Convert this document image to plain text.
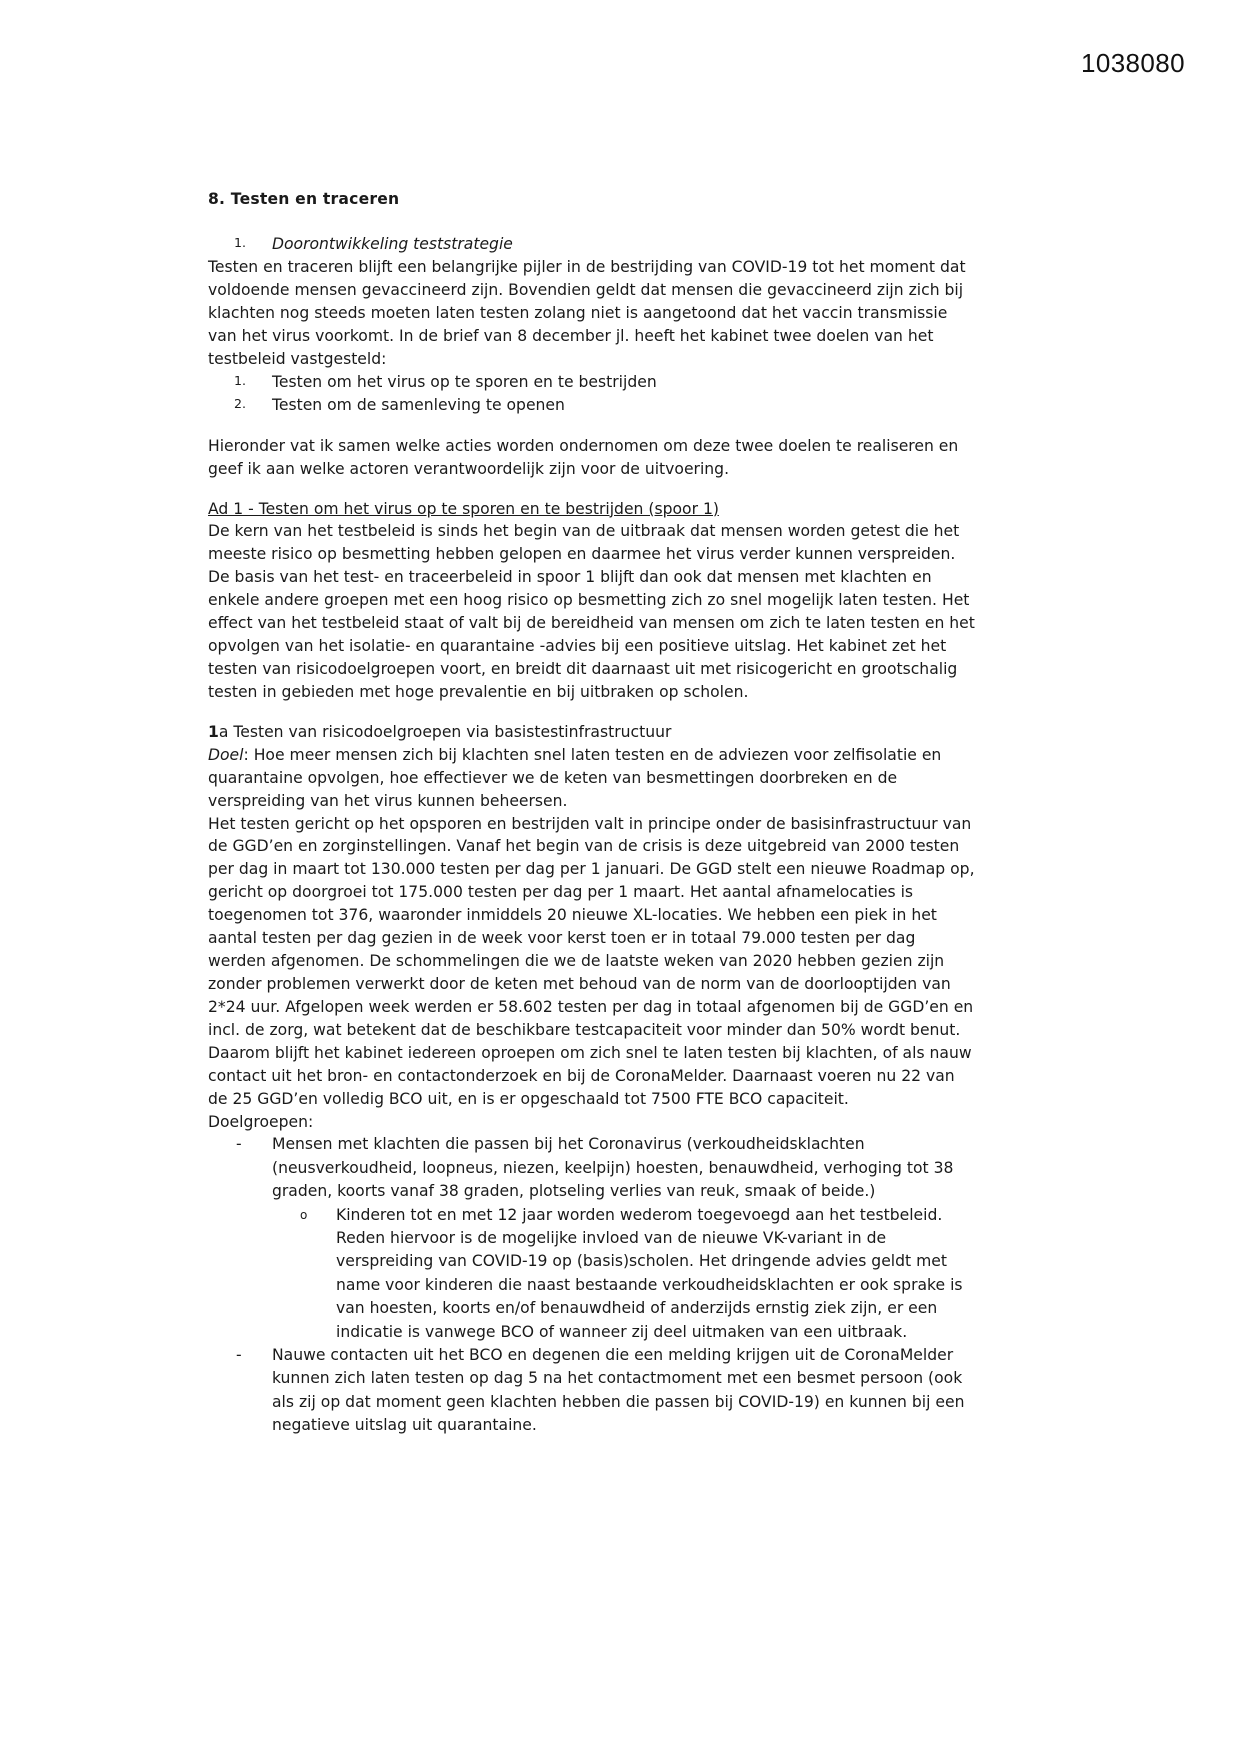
1038080
8. Testen en traceren
1. Doorontwikkeling teststrategie

Testen en traceren blijft een belangrijke pijler in de bestrijding van COVID-19 tot het moment dat voldoende mensen gevaccineerd zijn. Bovendien geldt dat mensen die gevaccineerd zijn zich bij klachten nog steeds moeten laten testen zolang niet is aangetoond dat het vaccin transmissie van het virus voorkomt. In de brief van 8 december jl. heeft het kabinet twee doelen van het testbeleid vastgesteld:

1. Testen om het virus op te sporen en te bestrijden
2. Testen om de samenleving te openen

Hieronder vat ik samen welke acties worden ondernomen om deze twee doelen te realiseren en geef ik aan welke actoren verantwoordelijk zijn voor de uitvoering.

Ad 1 - Testen om het virus op te sporen en te bestrijden (spoor 1)

De kern van het testbeleid is sinds het begin van de uitbraak dat mensen worden getest die het meeste risico op besmetting hebben gelopen en daarmee het virus verder kunnen verspreiden. De basis van het test- en traceerbeleid in spoor 1 blijft dan ook dat mensen met klachten en enkele andere groepen met een hoog risico op besmetting zich zo snel mogelijk laten testen. Het effect van het testbeleid staat of valt bij de bereidheid van mensen om zich te laten testen en het opvolgen van het isolatie- en quarantaine -advies bij een positieve uitslag. Het kabinet zet het testen van risicodoelgroepen voort, en breidt dit daarnaast uit met risicogericht en grootschalig testen in gebieden met hoge prevalentie en bij uitbraken op scholen.

1a Testen van risicodoelgroepen via basistestinfrastructuur

Doel: Hoe meer mensen zich bij klachten snel laten testen en de adviezen voor zelfisolatie en quarantaine opvolgen, hoe effectiever we de keten van besmettingen doorbreken en de verspreiding van het virus kunnen beheersen.

Het testen gericht op het opsporen en bestrijden valt in principe onder de basisinfrastructuur van de GGD’en en zorginstellingen. Vanaf het begin van de crisis is deze uitgebreid van 2000 testen per dag in maart tot 130.000 testen per dag per 1 januari. De GGD stelt een nieuwe Roadmap op, gericht op doorgroei tot 175.000 testen per dag per 1 maart. Het aantal afnamelocaties is toegenomen tot 376, waaronder inmiddels 20 nieuwe XL-locaties. We hebben een piek in het aantal testen per dag gezien in de week voor kerst toen er in totaal 79.000 testen per dag werden afgenomen. De schommelingen die we de laatste weken van 2020 hebben gezien zijn zonder problemen verwerkt door de keten met behoud van de norm van de doorlooptijden van 2*24 uur. Afgelopen week werden er 58.602 testen per dag in totaal afgenomen bij de GGD’en en incl. de zorg, wat betekent dat de beschikbare testcapaciteit voor minder dan 50% wordt benut. Daarom blijft het kabinet iedereen oproepen om zich snel te laten testen bij klachten, of als nauw contact uit het bron- en contactonderzoek en bij de CoronaMelder. Daarnaast voeren nu 22 van de 25 GGD’en volledig BCO uit, en is er opgeschaald tot 7500 FTE BCO capaciteit.

Doelgroepen:

- Mensen met klachten die passen bij het Coronavirus (verkoudheidsklachten (neusverkoudheid, loopneus, niezen, keelpijn) hoesten, benauwdheid, verhoging tot 38 graden, koorts vanaf 38 graden, plotseling verlies van reuk, smaak of beide.)
o Kinderen tot en met 12 jaar worden wederom toegevoegd aan het testbeleid. Reden hiervoor is de mogelijke invloed van de nieuwe VK-variant in de verspreiding van COVID-19 op (basis)scholen. Het dringende advies geldt met name voor kinderen die naast bestaande verkoudheidsklachten er ook sprake is van hoesten, koorts en/of benauwdheid of anderzijds ernstig ziek zijn, er een indicatie is vanwege BCO of wanneer zij deel uitmaken van een uitbraak.
- Nauwe contacten uit het BCO en degenen die een melding krijgen uit de CoronaMelder kunnen zich laten testen op dag 5 na het contactmoment met een besmet persoon (ook als zij op dat moment geen klachten hebben die passen bij COVID-19) en kunnen bij een negatieve uitslag uit quarantaine.
